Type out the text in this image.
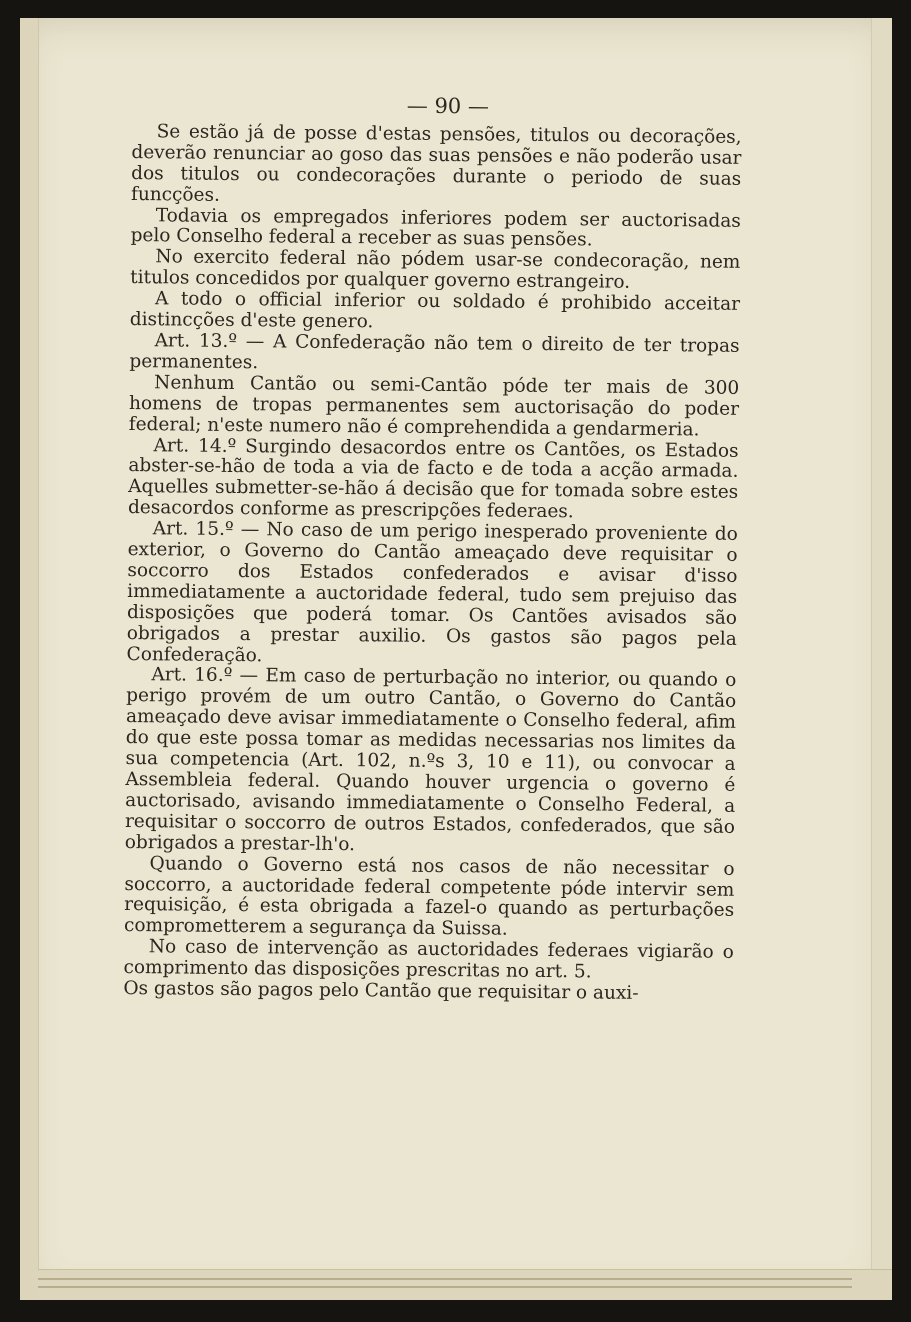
— 90 —

Se estão já de posse d'estas pensões, titulos ou decorações, deverão renunciar ao goso das suas pensões e não poderão usar dos titulos ou condecorações durante o periodo de suas funcções.

Todavia os empregados inferiores podem ser auctorisadas pelo Conselho federal a receber as suas pensões.

No exercito federal não pódem usar-se condecoração, nem titulos concedidos por qualquer governo estrangeiro.

A todo o official inferior ou soldado é prohibido acceitar distincções d'este genero.

Art. 13.º — A Confederação não tem o direito de ter tropas permanentes.

Nenhum Cantão ou semi-Cantão póde ter mais de 300 homens de tropas permanentes sem auctorisação do poder federal; n'este numero não é comprehendida a gendarmeria.

Art. 14.º Surgindo desacordos entre os Cantões, os Estados abster-se-hão de toda a via de facto e de toda a acção armada. Aquelles submetter-se-hão á decisão que for tomada sobre estes desacordos conforme as prescripções federaes.

Art. 15.º — No caso de um perigo inesperado proveniente do exterior, o Governo do Cantão ameaçado deve requisitar o soccorro dos Estados confederados e avisar d'isso immediatamente a auctoridade federal, tudo sem prejuiso das disposições que poderá tomar. Os Cantões avisados são obrigados a prestar auxilio. Os gastos são pagos pela Confederação.

Art. 16.º — Em caso de perturbação no interior, ou quando o perigo provém de um outro Cantão, o Governo do Cantão ameaçado deve avisar immediatamente o Conselho federal, afim do que este possa tomar as medidas necessarias nos limites da sua competencia (Art. 102, n.ºs 3, 10 e 11), ou convocar a Assembleia federal. Quando houver urgencia o governo é auctorisado, avisando immediatamente o Conselho Federal, a requisitar o soccorro de outros Estados, confederados, que são obrigados a prestar-lh'o.

Quando o Governo está nos casos de não necessitar o soccorro, a auctoridade federal competente póde intervir sem requisição, é esta obrigada a fazel-o quando as perturbações comprometterem a segurança da Suissa.

No caso de intervenção as auctoridades federaes vigiarão o comprimento das disposições prescritas no art. 5.

Os gastos são pagos pelo Cantão que requisitar o auxi-
